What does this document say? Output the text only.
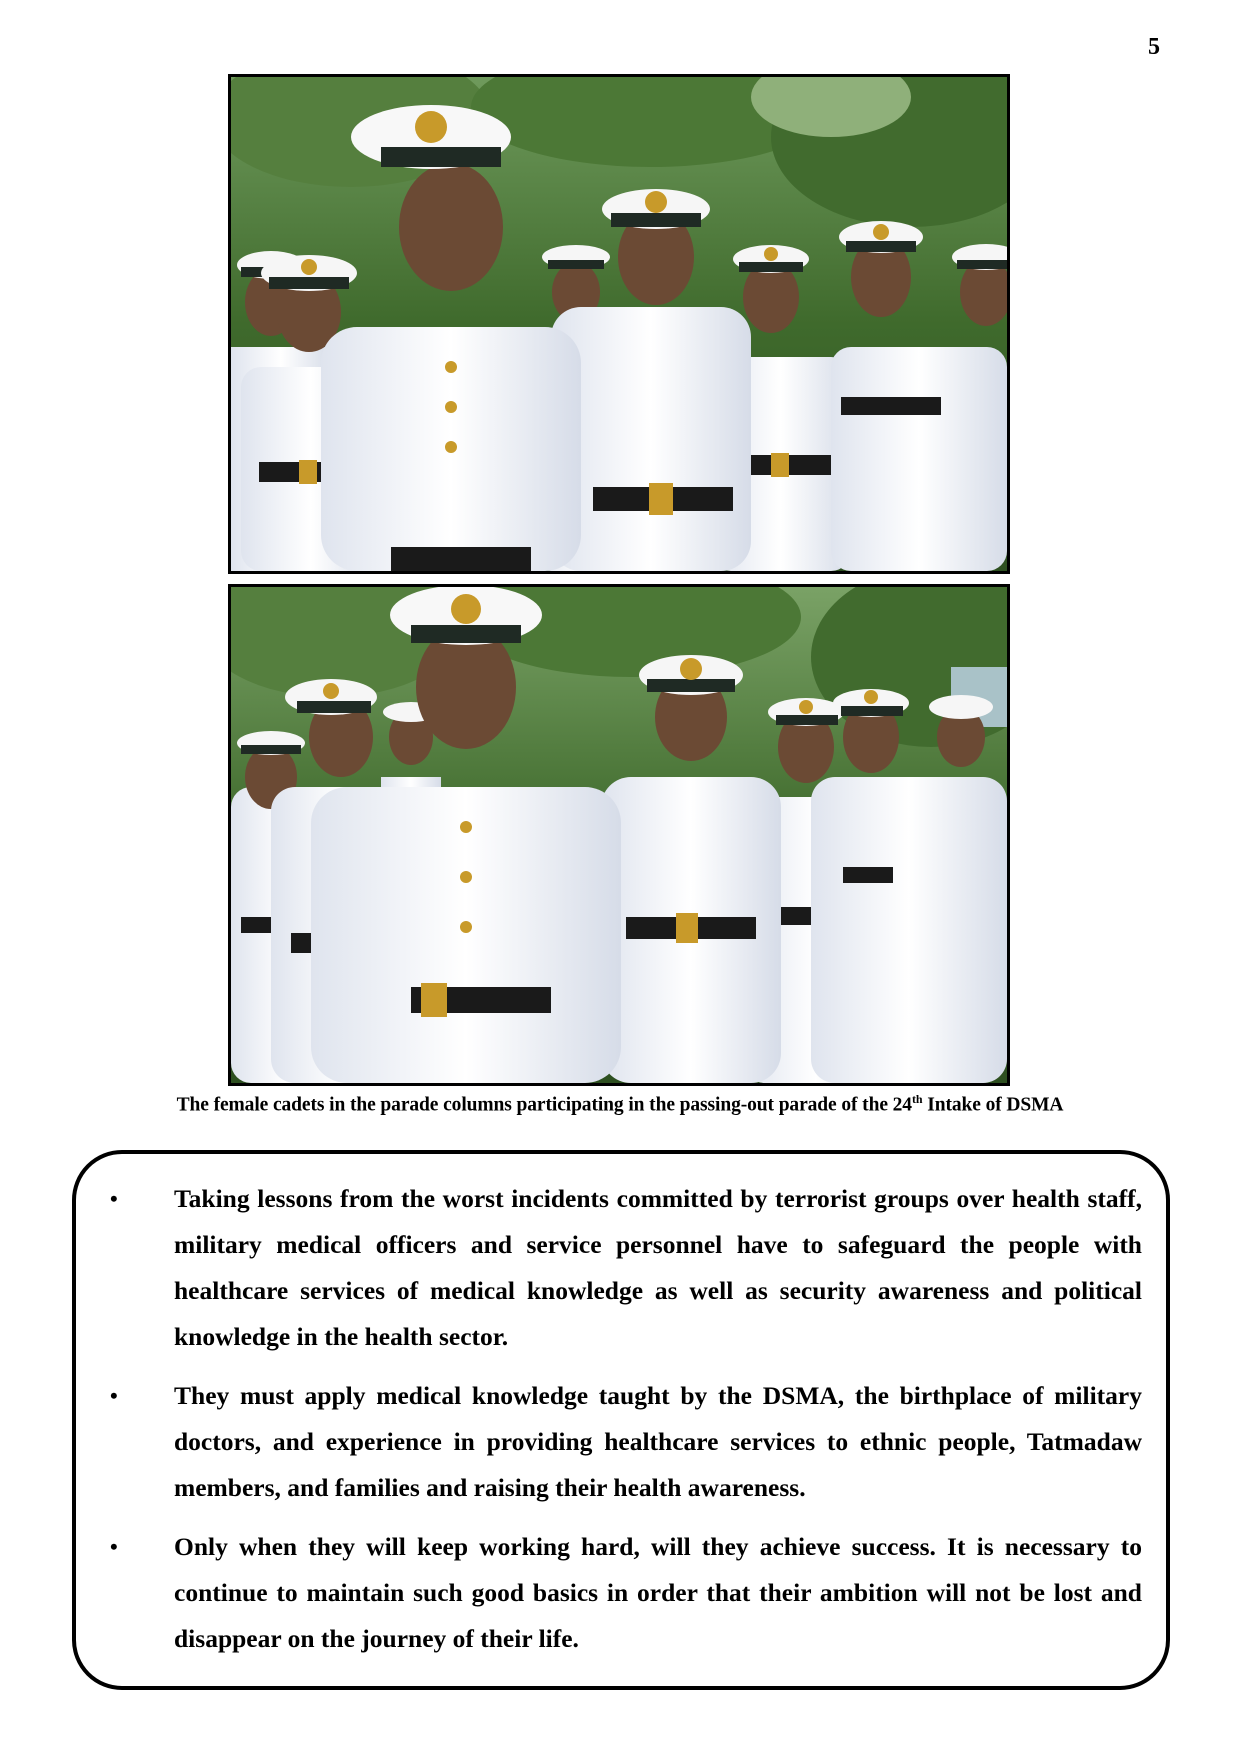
5
The female cadets in the parade columns participating in the passing-out parade of the 24th Intake of DSMA
• Taking lessons from the worst incidents committed by terrorist groups over health staff, military medical officers and service personnel have to safeguard the people with healthcare services of medical knowledge as well as security awareness and political knowledge in the health sector.
• They must apply medical knowledge taught by the DSMA, the birthplace of military doctors, and experience in providing healthcare services to ethnic people, Tatmadaw members, and families and raising their health awareness.
• Only when they will keep working hard, will they achieve success. It is necessary to continue to maintain such good basics in order that their ambition will not be lost and disappear on the journey of their life.
